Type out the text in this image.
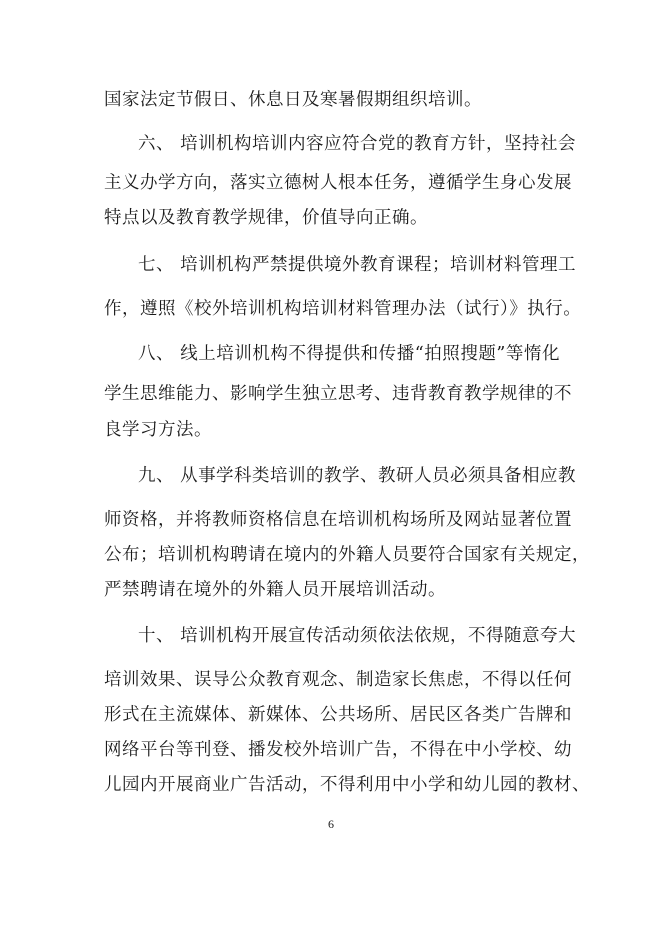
国家法定节假日、休息日及寒暑假期组织培训。
六、 培训机构培训内容应符合党的教育方针，坚持社会
主义办学方向，落实立德树人根本任务，遵循学生身心发展
特点以及教育教学规律，价值导向正确。
七、 培训机构严禁提供境外教育课程；培训材料管理工
作，遵照《校外培训机构培训材料管理办法（试行）》执行。
八、 线上培训机构不得提供和传播“拍照搜题”等惰化
学生思维能力、影响学生独立思考、违背教育教学规律的不
良学习方法。
九、 从事学科类培训的教学、教研人员必须具备相应教
师资格，并将教师资格信息在培训机构场所及网站显著位置
公布；培训机构聘请在境内的外籍人员要符合国家有关规定，
严禁聘请在境外的外籍人员开展培训活动。
十、 培训机构开展宣传活动须依法依规，不得随意夸大
培训效果、误导公众教育观念、制造家长焦虑，不得以任何
形式在主流媒体、新媒体、公共场所、居民区各类广告牌和
网络平台等刊登、播发校外培训广告，不得在中小学校、幼
儿园内开展商业广告活动，不得利用中小学和幼儿园的教材、
6
